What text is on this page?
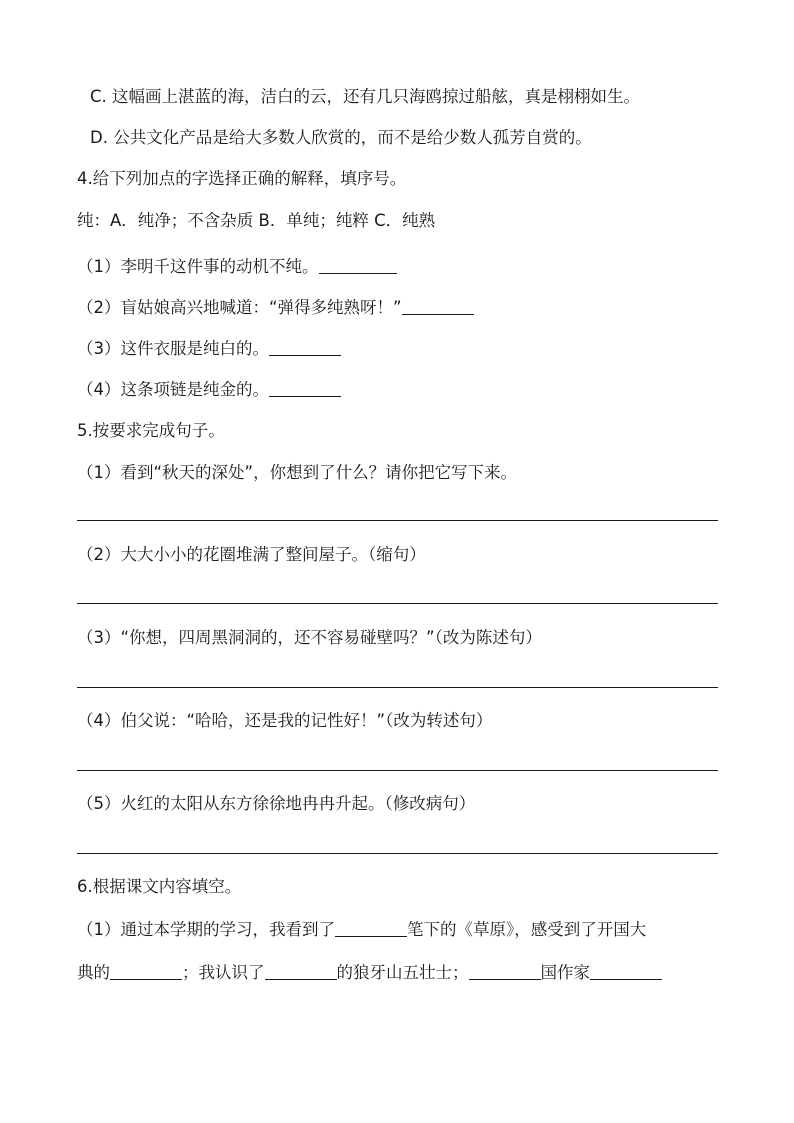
C. 这幅画上湛蓝的海，洁白的云，还有几只海鸥掠过船舷，真是栩栩如生。
D. 公共文化产品是给大多数人欣赏的，而不是给少数人孤芳自赏的。
4.给下列加点的字选择正确的解释，填序号。
纯：A．纯净；不含杂质 B．单纯；纯粹 C．纯熟
（1）李明千这件事的动机不纯。
（2）盲姑娘高兴地喊道：“弹得多纯熟呀！”
（3）这件衣服是纯白的。
（4）这条项链是纯金的。
5.按要求完成句子。
（1）看到“秋天的深处”，你想到了什么？请你把它写下来。
（2）大大小小的花圈堆满了整间屋子。（缩句）
（3）“你想，四周黑洞洞的，还不容易碰壁吗？”（改为陈述句）
（4）伯父说：“哈哈，还是我的记性好！”（改为转述句）
（5）火红的太阳从东方徐徐地冉冉升起。（修改病句）
6.根据课文内容填空。
（1）通过本学期的学习，我看到了	笔下的《草原》，感受到了开国大
典的	；我认识了	的狼牙山五壮士；	国作家
